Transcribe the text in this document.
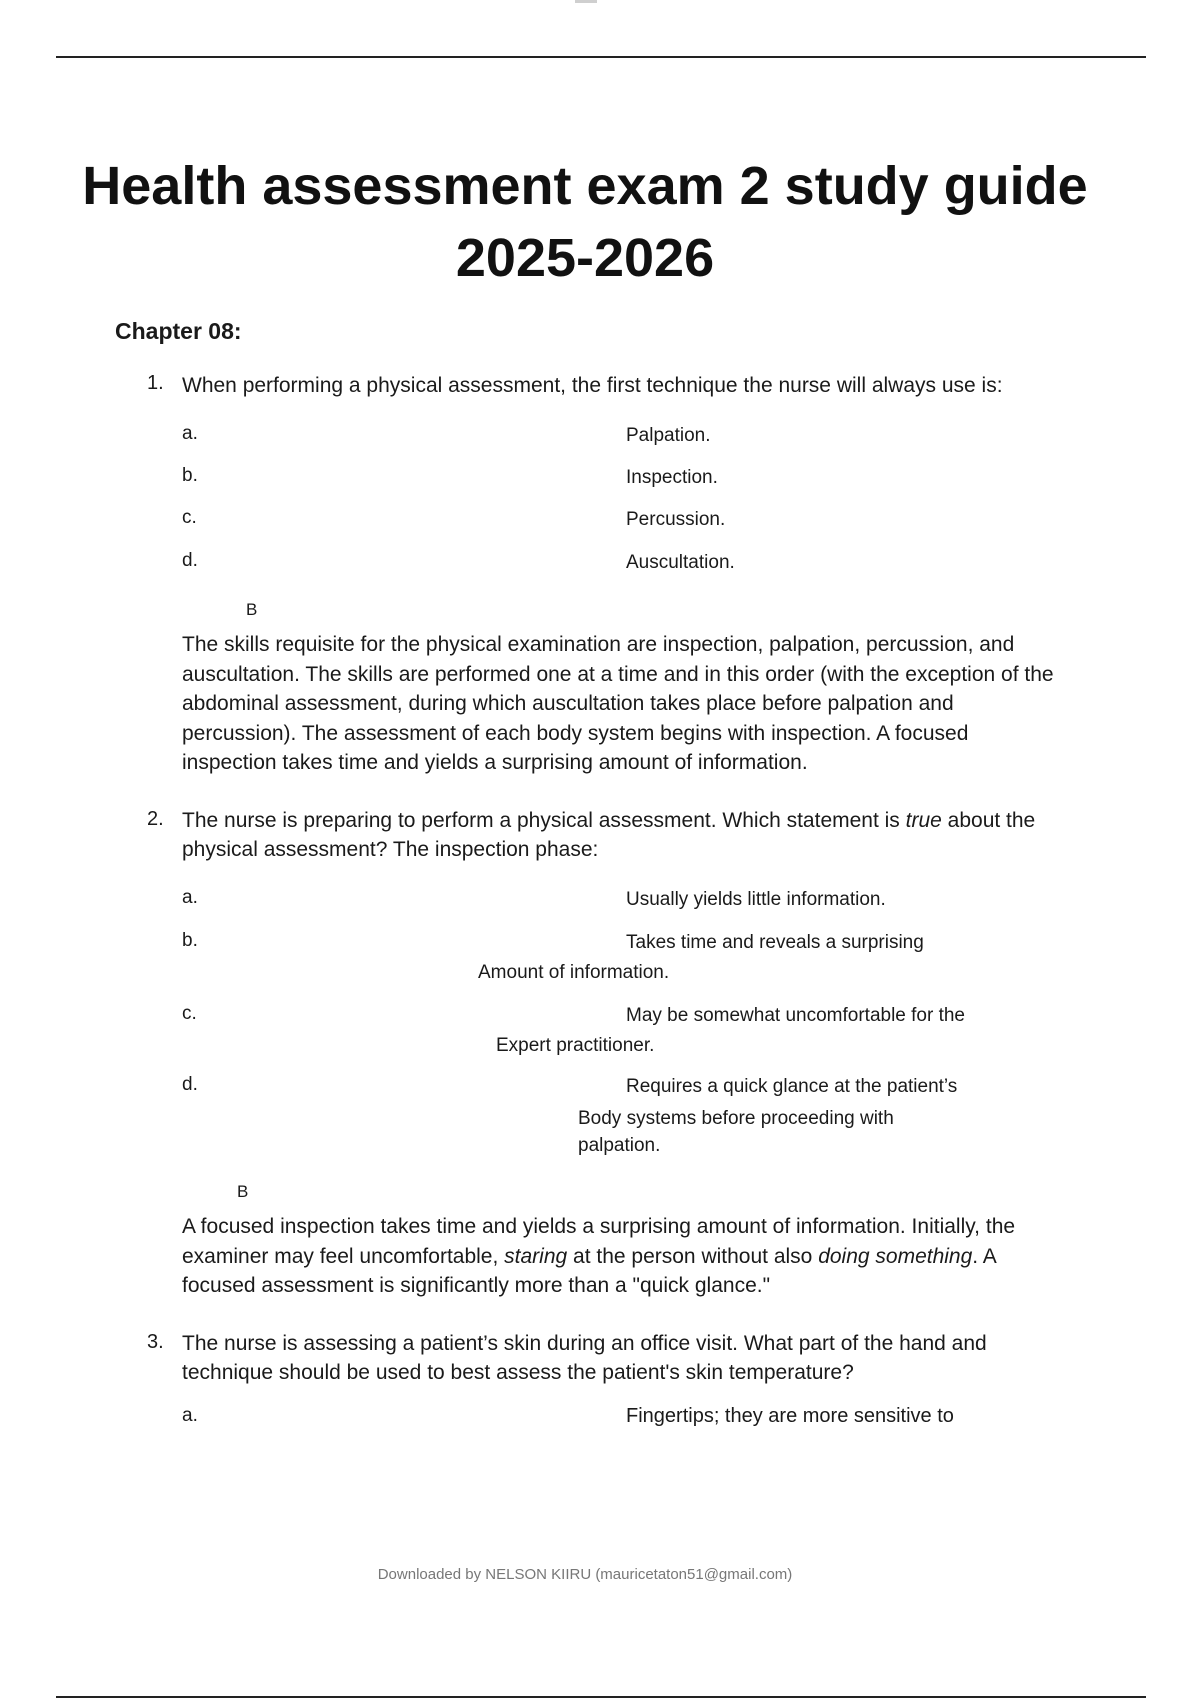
Health assessment exam 2 study guide
2025-2026
Chapter 08:
1. When performing a physical assessment, the first technique the nurse will always use is:
a.	Palpation.
b.	Inspection.
c.	Percussion.
d.	Auscultation.
B
The skills requisite for the physical examination are inspection, palpation, percussion, and auscultation. The skills are performed one at a time and in this order (with the exception of the abdominal assessment, during which auscultation takes place before palpation and percussion). The assessment of each body system begins with inspection. A focused inspection takes time and yields a surprising amount of information.
2. The nurse is preparing to perform a physical assessment. Which statement is true about the physical assessment? The inspection phase:
a.	Usually yields little information.
b.	Takes time and reveals a surprising
Amount of information.
c.	May be somewhat uncomfortable for the
Expert practitioner.
d.	Requires a quick glance at the patient’s
Body systems before proceeding with
palpation.
B
A focused inspection takes time and yields a surprising amount of information. Initially, the examiner may feel uncomfortable, staring at the person without also doing something. A focused assessment is significantly more than a "quick glance."
3. The nurse is assessing a patient’s skin during an office visit. What part of the hand and technique should be used to best assess the patient's skin temperature?
a.	Fingertips; they are more sensitive to
Downloaded by NELSON KIIRU (mauricetaton51@gmail.com)
